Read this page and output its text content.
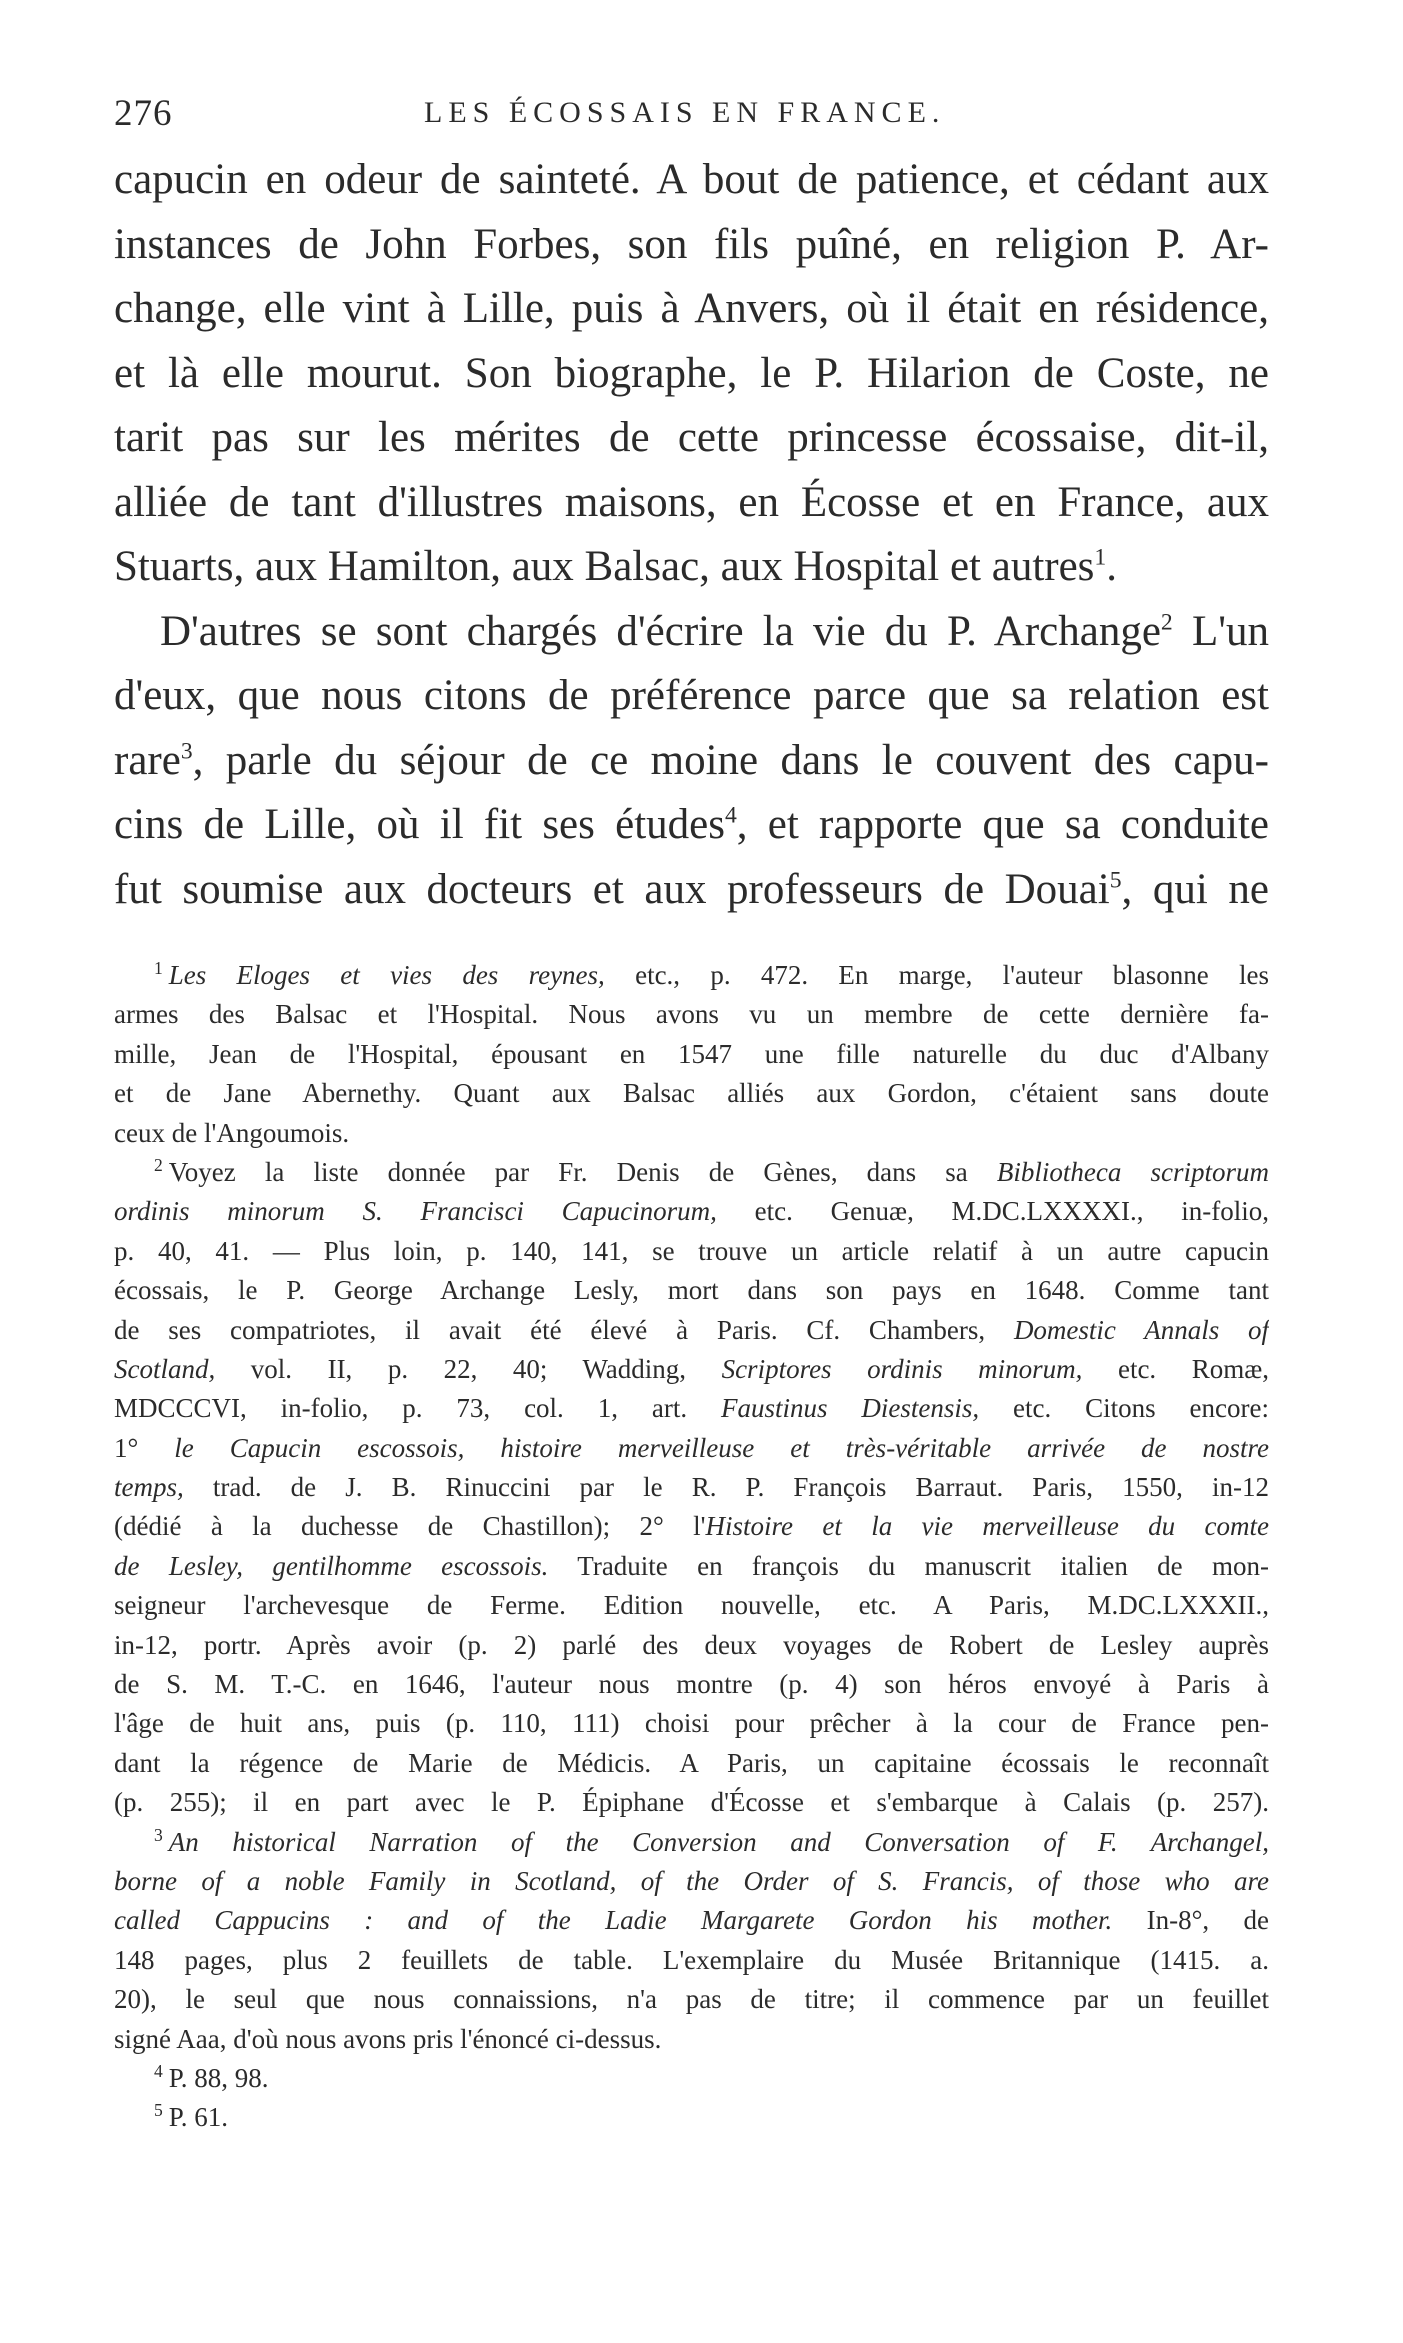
276	LES ÉCOSSAIS EN FRANCE.
capucin en odeur de sainteté. A bout de patience, et cédant aux
instances de John Forbes, son fils puîné, en religion P. Ar-
change, elle vint à Lille, puis à Anvers, où il était en résidence,
et là elle mourut. Son biographe, le P. Hilarion de Coste, ne
tarit pas sur les mérites de cette princesse écossaise, dit-il,
alliée de tant d'illustres maisons, en Écosse et en France, aux
Stuarts, aux Hamilton, aux Balsac, aux Hospital et autres$^1$.
D'autres se sont chargés d'écrire la vie du P. Archange$^2$ L'un
d'eux, que nous citons de préférence parce que sa relation est
rare$^3$, parle du séjour de ce moine dans le couvent des capu-
cins de Lille, où il fit ses études$^4$, et rapporte que sa conduite
fut soumise aux docteurs et aux professeurs de Douai$^5$, qui ne
$^1$ Les Eloges et vies des reynes, etc., p. 472. En marge, l'auteur blasonne les
armes des Balsac et l'Hospital. Nous avons vu un membre de cette dernière fa-
mille, Jean de l'Hospital, épousant en 1547 une fille naturelle du duc d'Albany
et de Jane Abernethy. Quant aux Balsac alliés aux Gordon, c'étaient sans doute
ceux de l'Angoumois.
$^2$ Voyez la liste donnée par Fr. Denis de Gènes, dans sa Bibliotheca scriptorum
ordinis minorum S. Francisci Capucinorum, etc. Genuæ, M.DC.LXXXXI., in-folio,
p. 40, 41. — Plus loin, p. 140, 141, se trouve un article relatif à un autre capucin
écossais, le P. George Archange Lesly, mort dans son pays en 1648. Comme tant
de ses compatriotes, il avait été élevé à Paris. Cf. Chambers, Domestic Annals of
Scotland, vol. II, p. 22, 40; Wadding, Scriptores ordinis minorum, etc. Romæ,
MDCCCVI, in-folio, p. 73, col. 1, art. Faustinus Diestensis, etc. Citons encore:
1° le Capucin escossois, histoire merveilleuse et très-véritable arrivée de nostre
temps, trad. de J. B. Rinuccini par le R. P. François Barraut. Paris, 1550, in-12
(dédié à la duchesse de Chastillon); 2° l'Histoire et la vie merveilleuse du comte
de Lesley, gentilhomme escossois. Traduite en françois du manuscrit italien de mon-
seigneur l'archevesque de Ferme. Edition nouvelle, etc. A Paris, M.DC.LXXXII.,
in-12, portr. Après avoir (p. 2) parlé des deux voyages de Robert de Lesley auprès
de S. M. T.-C. en 1646, l'auteur nous montre (p. 4) son héros envoyé à Paris à
l'âge de huit ans, puis (p. 110, 111) choisi pour prêcher à la cour de France pen-
dant la régence de Marie de Médicis. A Paris, un capitaine écossais le reconnaît
(p. 255); il en part avec le P. Épiphane d'Écosse et s'embarque à Calais (p. 257).
$^3$ An historical Narration of the Conversion and Conversation of F. Archangel,
borne of a noble Family in Scotland, of the Order of S. Francis, of those who are
called Cappucins : and of the Ladie Margarete Gordon his mother. In-8°, de
148 pages, plus 2 feuillets de table. L'exemplaire du Musée Britannique (1415. a.
20), le seul que nous connaissions, n'a pas de titre; il commence par un feuillet
signé Aaa, d'où nous avons pris l'énoncé ci-dessus.
$^4$ P. 88, 98.
$^5$ P. 61.
